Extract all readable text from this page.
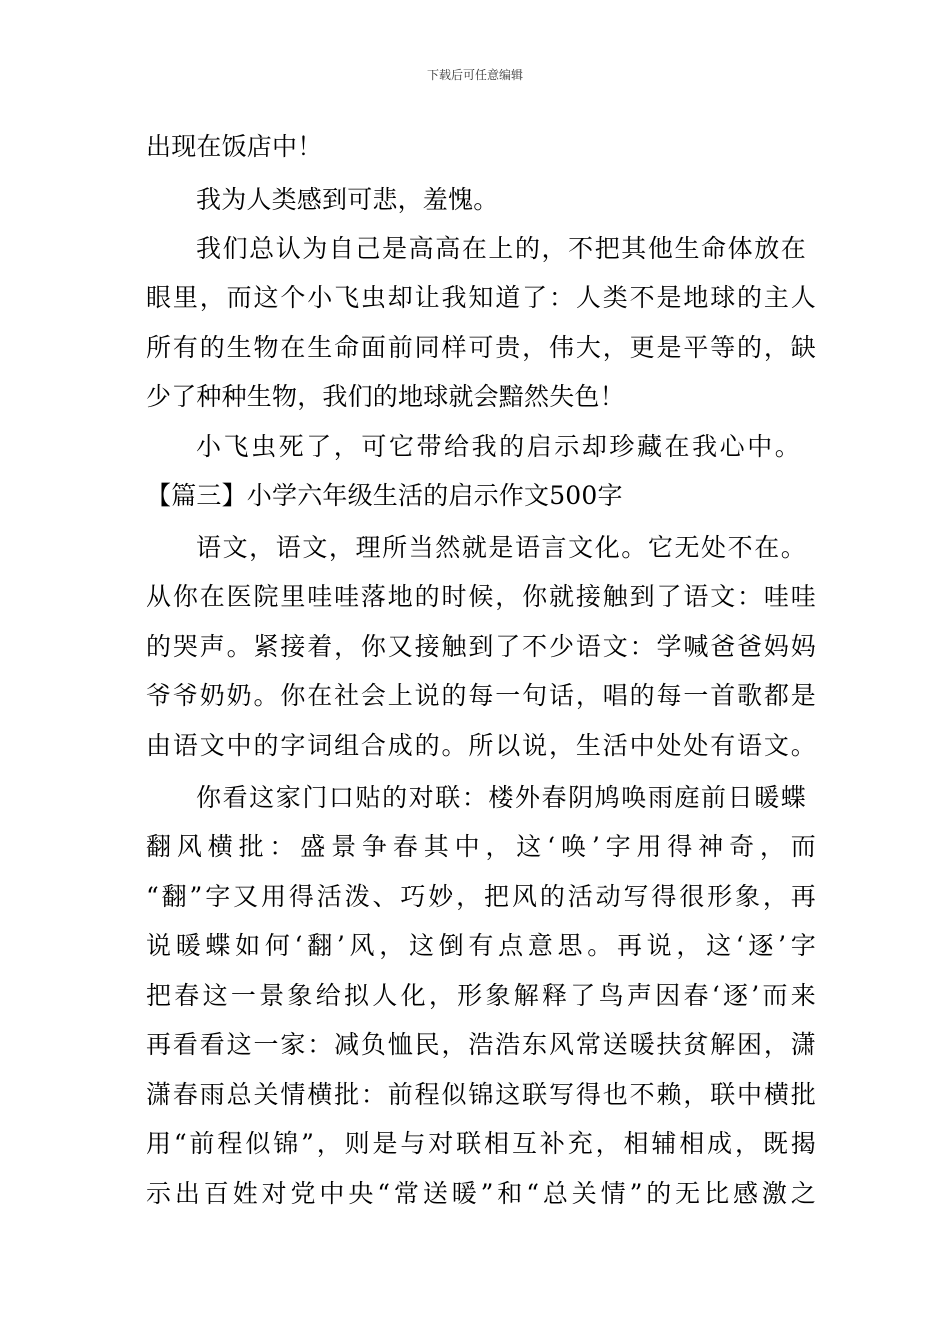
下载后可任意编辑
出现在饭店中！
我为人类感到可悲，羞愧。
我们总认为自己是高高在上的，不把其他生命体放在
眼里，而这个小飞虫却让我知道了：人类不是地球的主人
所有的生物在生命面前同样可贵，伟大，更是平等的，缺
少了种种生物，我们的地球就会黯然失色！
小飞虫死了，可它带给我的启示却珍藏在我心中。
【篇三】小学六年级生活的启示作文500字
语文，语文，理所当然就是语言文化。它无处不在。
从你在医院里哇哇落地的时候，你就接触到了语文：哇哇
的哭声。紧接着，你又接触到了不少语文：学喊爸爸妈妈
爷爷奶奶。你在社会上说的每一句话，唱的每一首歌都是
由语文中的字词组合成的。所以说，生活中处处有语文。
你看这家门口贴的对联：楼外春阴鸠唤雨庭前日暖蝶
翻风横批：盛景争春其中，这‘唤’字用得神奇，而
“翻”字又用得活泼、巧妙，把风的活动写得很形象，再
说暖蝶如何‘翻’风，这倒有点意思。再说，这‘逐’字
把春这一景象给拟人化，形象解释了鸟声因春‘逐’而来
再看看这一家：减负恤民，浩浩东风常送暖扶贫解困，潇
潇春雨总关情横批：前程似锦这联写得也不赖，联中横批
用“前程似锦”，则是与对联相互补充，相辅相成，既揭
示出百姓对党中央“常送暖”和“总关情”的无比感激之
